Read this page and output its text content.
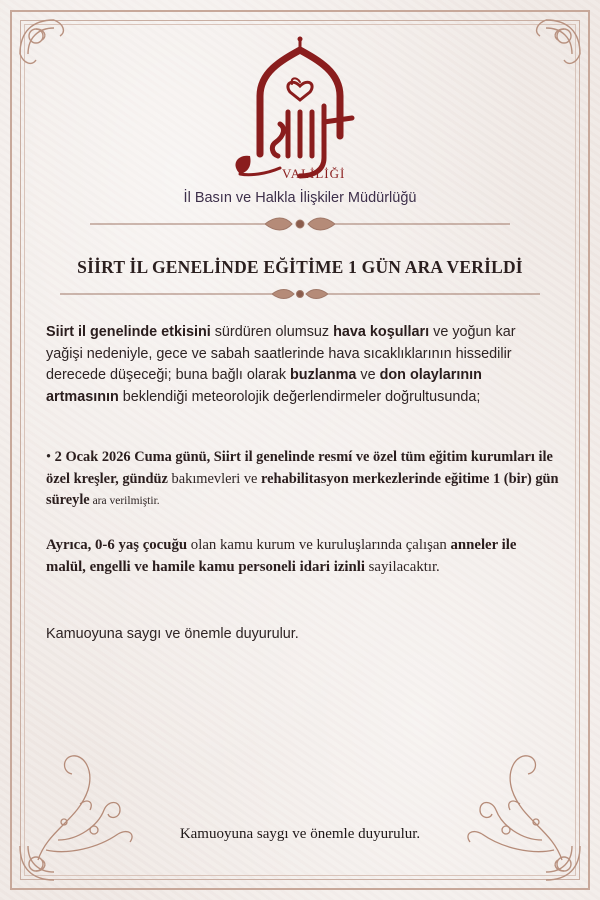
VALİLİĞİ
İl Basın ve Halkla İlişkiler Müdürlüğü
SİİRT İL GENELİNDE EĞİTİME 1 GÜN ARA VERİLDİ
Siirt il genelinde etkisini sürdüren olumsuz hava koşulları ve yoğun kar yağişi nedeniyle, gece ve sabah saatlerinde hava sıcaklıklarının hissedilir derecede düşeceği; buna bağlı olarak buzlanma ve don olaylarının artmasının beklendiği meteorolojik değerlendirmeler doğrultusunda;
• 2 Ocak 2026 Cuma günü, Siirt il genelinde resmí ve özel tüm eğitim kurumları ile özel kreşler, gündüz bakımevleri ve rehabilitasyon merkezlerinde eğitime 1 (bir) gün süreyle ara verilmiştir.
Ayrıca, 0-6 yaş çocuğu olan kamu kurum ve kuruluşlarında çalışan anneler ile malül, engelli ve hamile kamu personeli idari izinli sayilacaktır.
Kamuoyuna saygı ve önemle duyurulur.
Kamuoyuna saygı ve önemle duyurulur.
